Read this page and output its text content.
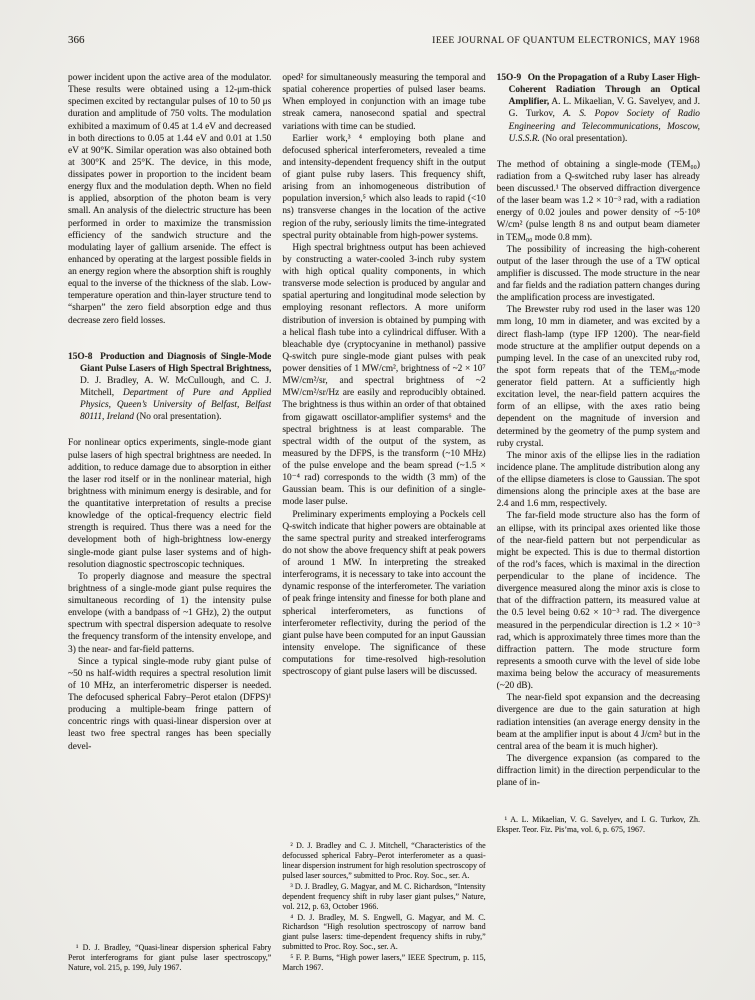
366	IEEE JOURNAL OF QUANTUM ELECTRONICS, MAY 1968

power incident upon the active area of the modulator. These results were obtained using a 12-μm-thick specimen excited by rectangular pulses of 10 to 50 μs duration and amplitude of 750 volts. The modulation exhibited a maximum of 0.45 at 1.4 eV and decreased in both directions to 0.05 at 1.44 eV and 0.01 at 1.50 eV at 90°K. Similar operation was also obtained both at 300°K and 25°K. The device, in this mode, dissipates power in proportion to the incident beam energy flux and the modulation depth. When no field is applied, absorption of the photon beam is very small. An analysis of the dielectric structure has been performed in order to maximize the transmission efficiency of the sandwich structure and the modulating layer of gallium arsenide. The effect is enhanced by operating at the largest possible fields in an energy region where the absorption shift is roughly equal to the inverse of the thickness of the slab. Low-temperature operation and thin-layer structure tend to “sharpen” the zero field absorption edge and thus decrease zero field losses.

15O-8 Production and Diagnosis of Single-Mode Giant Pulse Lasers of High Spectral Brightness, D. J. Bradley, A. W. McCullough, and C. J. Mitchell, Department of Pure and Applied Physics, Queen’s University of Belfast, Belfast 80111, Ireland (No oral presentation).

For nonlinear optics experiments, single-mode giant pulse lasers of high spectral brightness are needed. In addition, to reduce damage due to absorption in either the laser rod itself or in the nonlinear material, high brightness with minimum energy is desirable, and for the quantitative interpretation of results a precise knowledge of the optical-frequency electric field strength is required. Thus there was a need for the development both of high-brightness low-energy single-mode giant pulse laser systems and of high-resolution diagnostic spectroscopic techniques.

To properly diagnose and measure the spectral brightness of a single-mode giant pulse requires the simultaneous recording of 1) the intensity pulse envelope (with a bandpass of ~1 GHz), 2) the output spectrum with spectral dispersion adequate to resolve the frequency transform of the intensity envelope, and 3) the near- and far-field patterns.

Since a typical single-mode ruby giant pulse of ~50 ns half-width requires a spectral resolution limit of 10 MHz, an interferometric disperser is needed. The defocused spherical Fabry–Perot etalon (DFPS)¹ producing a multiple-beam fringe pattern of concentric rings with quasi-linear dispersion over at least two free spectral ranges has been specially devel-

¹ D. J. Bradley, “Quasi-linear dispersion spherical Fabry Perot interferograms for giant pulse laser spectroscopy,” Nature, vol. 215, p. 199, July 1967.

oped² for simultaneously measuring the temporal and spatial coherence properties of pulsed laser beams. When employed in conjunction with an image tube streak camera, nanosecond spatial and spectral variations with time can be studied.

Earlier work,³ ⁴ employing both plane and defocused spherical interferometers, revealed a time and intensity-dependent frequency shift in the output of giant pulse ruby lasers. This frequency shift, arising from an inhomogeneous distribution of population inversion,⁵ which also leads to rapid (<10 ns) transverse changes in the location of the active region of the ruby, seriously limits the time-integrated spectral purity obtainable from high-power systems.

High spectral brightness output has been achieved by constructing a water-cooled 3-inch ruby system with high optical quality components, in which transverse mode selection is produced by angular and spatial aperturing and longitudinal mode selection by employing resonant reflectors. A more uniform distribution of inversion is obtained by pumping with a helical flash tube into a cylindrical diffuser. With a bleachable dye (cryptocyanine in methanol) passive Q-switch pure single-mode giant pulses with peak power densities of 1 MW/cm², brightness of ~2 × 10⁷ MW/cm²/sr, and spectral brightness of ~2 MW/cm²/sr/Hz are easily and reproducibly obtained. The brightness is thus within an order of that obtained from gigawatt oscillator-amplifier systems⁶ and the spectral brightness is at least comparable. The spectral width of the output of the system, as measured by the DFPS, is the transform (~10 MHz) of the pulse envelope and the beam spread (~1.5 × 10⁻⁴ rad) corresponds to the width (3 mm) of the Gaussian beam. This is our definition of a single-mode laser pulse.

Preliminary experiments employing a Pockels cell Q-switch indicate that higher powers are obtainable at the same spectral purity and streaked interferograms do not show the above frequency shift at peak powers of around 1 MW. In interpreting the streaked interferograms, it is necessary to take into account the dynamic response of the interferometer. The variation of peak fringe intensity and finesse for both plane and spherical interferometers, as functions of interferometer reflectivity, during the period of the giant pulse have been computed for an input Gaussian intensity envelope. The significance of these computations for time-resolved high-resolution spectroscopy of giant pulse lasers will be discussed.

² D. J. Bradley and C. J. Mitchell, “Characteristics of the defocussed spherical Fabry–Perot interferometer as a quasi-linear dispersion instrument for high resolution spectroscopy of pulsed laser sources,” submitted to Proc. Roy. Soc., ser. A.

³ D. J. Bradley, G. Magyar, and M. C. Richardson, “Intensity dependent frequency shift in ruby laser giant pulses,” Nature, vol. 212, p. 63, October 1966.

⁴ D. J. Bradley, M. S. Engwell, G. Magyar, and M. C. Richardson “High resolution spectroscopy of narrow band giant pulse lasers: time-dependent frequency shifts in ruby,” submitted to Proc. Roy. Soc., ser. A.

⁵ F. P. Burns, “High power lasers,” IEEE Spectrum, p. 115, March 1967.

15O-9 On the Propagation of a Ruby Laser High-Coherent Radiation Through an Optical Amplifier, A. L. Mikaelian, V. G. Savelyev, and J. G. Turkov, A. S. Popov Society of Radio Engineering and Telecommunications, Moscow, U.S.S.R. (No oral presentation).

The method of obtaining a single-mode (TEM₀₀) radiation from a Q-switched ruby laser has already been discussed.¹ The observed diffraction divergence of the laser beam was 1.2 × 10⁻³ rad, with a radiation energy of 0.02 joules and power density of ~5·10⁸ W/cm² (pulse length 8 ns and output beam diameter in TEM₀₀ mode 0.8 mm).

The possibility of increasing the high-coherent output of the laser through the use of a TW optical amplifier is discussed. The mode structure in the near and far fields and the radiation pattern changes during the amplification process are investigated.

The Brewster ruby rod used in the laser was 120 mm long, 10 mm in diameter, and was excited by a direct flash-lamp (type IFP 1200). The near-field mode structure at the amplifier output depends on a pumping level. In the case of an unexcited ruby rod, the spot form repeats that of the TEM₀₀-mode generator field pattern. At a sufficiently high excitation level, the near-field pattern acquires the form of an ellipse, with the axes ratio being dependent on the magnitude of inversion and determined by the geometry of the pump system and ruby crystal.

The minor axis of the ellipse lies in the radiation incidence plane. The amplitude distribution along any of the ellipse diameters is close to Gaussian. The spot dimensions along the principle axes at the base are 2.4 and 1.6 mm, respectively.

The far-field mode structure also has the form of an ellipse, with its principal axes oriented like those of the near-field pattern but not perpendicular as might be expected. This is due to thermal distortion of the rod’s faces, which is maximal in the direction perpendicular to the plane of incidence. The divergence measured along the minor axis is close to that of the diffraction pattern, its measured value at the 0.5 level being 0.62 × 10⁻³ rad. The divergence measured in the perpendicular direction is 1.2 × 10⁻³ rad, which is approximately three times more than the diffraction pattern. The mode structure form represents a smooth curve with the level of side lobe maxima being below the accuracy of measurements (~20 dB).

The near-field spot expansion and the decreasing divergence are due to the gain saturation at high radiation intensities (an average energy density in the beam at the amplifier input is about 4 J/cm² but in the central area of the beam it is much higher).

The divergence expansion (as compared to the diffraction limit) in the direction perpendicular to the plane of in-

¹ A. L. Mikaelian, V. G. Savelyev, and I. G. Turkov, Zh. Eksper. Teor. Fiz. Pis’ma, vol. 6, p. 675, 1967.
